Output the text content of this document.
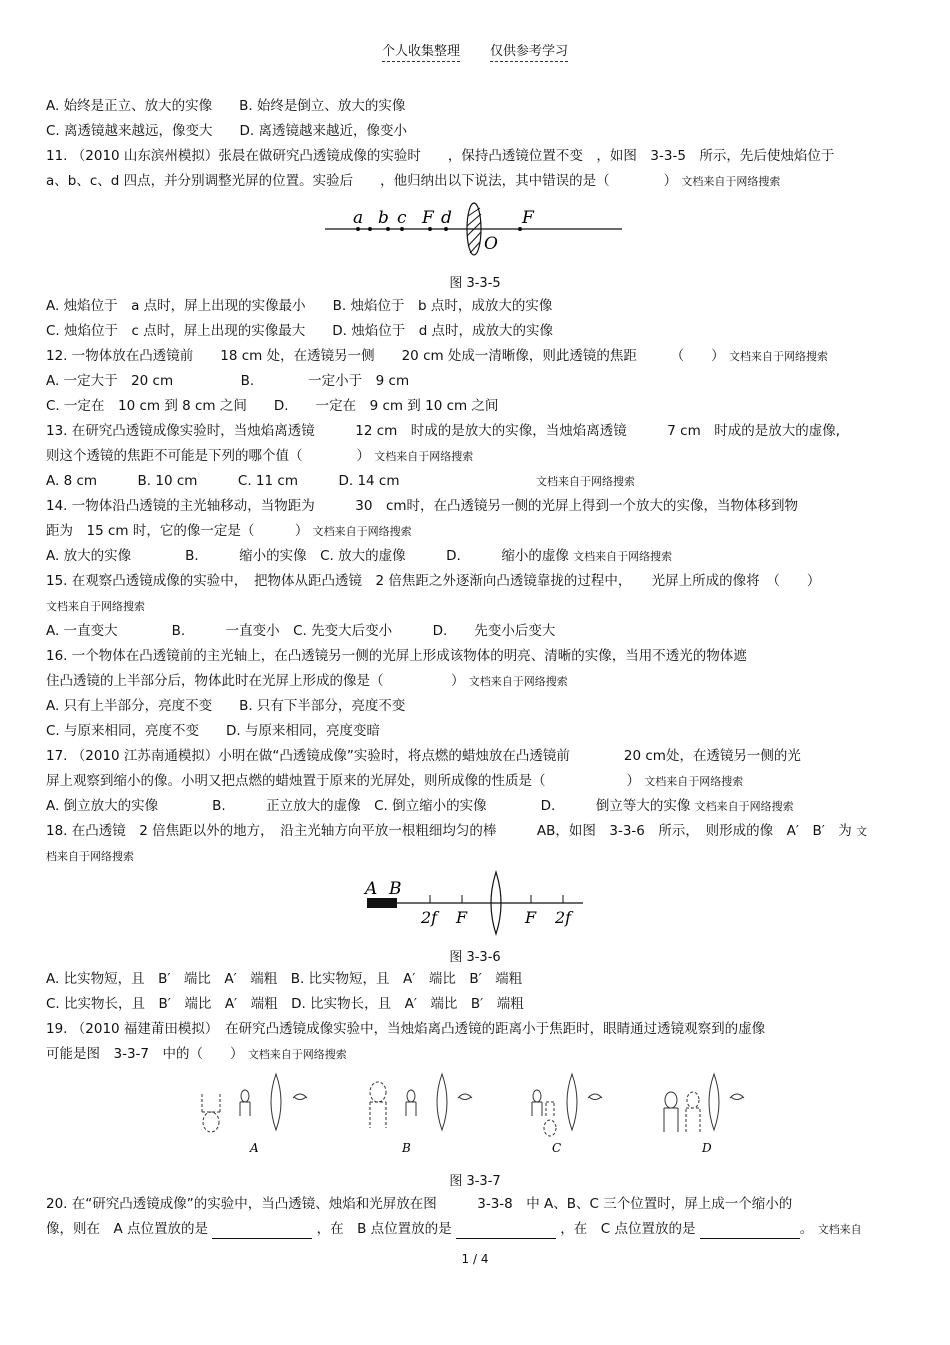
个人收集整理 仅供参考学习
A. 始终是正立、放大的实像　　B. 始终是倒立、放大的实像
C. 离透镜越来越远，像变大　　D. 离透镜越来越近，像变小
11. （2010 山东滨州模拟）张晨在做研究凸透镜成像的实验时　　，保持凸透镜位置不变　，如图　3-3-5　所示，先后使烛焰位于
a、b、c、d 四点，并分别调整光屏的位置。实验后　　，他归纳出以下说法，其中错误的是（　　　　） 文档来自于网络搜索
a b c F d	F
O
图 3-3-5
A. 烛焰位于　a 点时，屏上出现的实像最小　　B. 烛焰位于　b 点时，成放大的实像
C. 烛焰位于　c 点时，屏上出现的实像最大　　D. 烛焰位于　d 点时，成放大的实像
12. 一物体放在凸透镜前　　18 cm 处，在透镜另一侧　　20 cm 处成一清晰像，则此透镜的焦距　　　（　　） 文档来自于网络搜索
A. 一定大于　20 cm　　　　　B.　　　　一定小于　9 cm
C. 一定在　10 cm 到 8 cm 之间　　D.　　一定在　9 cm 到 10 cm 之间
13. 在研究凸透镜成像实验时，当烛焰离透镜　　　12 cm　时成的是放大的实像，当烛焰离透镜　　　7 cm　时成的是放大的虚像,
则这个透镜的焦距不可能是下列的哪个值（　　　　） 文档来自于网络搜索
A. 8 cm　　　B. 10 cm　　　C. 11 cm　　　D. 14 cm	文档来自于网络搜索
14. 一物体沿凸透镜的主光轴移动，当物距为　　　30　cm时，在凸透镜另一侧的光屏上得到一个放大的实像，当物体移到物
距为　15 cm 时，它的像一定是（　　　） 文档来自于网络搜索
A. 放大的实像　　　　B.　　　缩小的实像　C. 放大的虚像　　　D.　　　缩小的虚像 文档来自于网络搜索
15. 在观察凸透镜成像的实验中，　把物体从距凸透镜　2 倍焦距之外逐渐向凸透镜靠拢的过程中，　　光屏上所成的像将　（　　）
文档来自于网络搜索
A. 一直变大　　　　B.　　　一直变小　C. 先变大后变小　　　D.　　先变小后变大
16. 一个物体在凸透镜前的主光轴上，在凸透镜另一侧的光屏上形成该物体的明亮、清晰的实像，当用不透光的物体遮
住凸透镜的上半部分后，物体此时在光屏上形成的像是（　　　　　） 文档来自于网络搜索
A. 只有上半部分，亮度不变　　B. 只有下半部分，亮度不变
C. 与原来相同，亮度不变　　D. 与原来相同，亮度变暗
17. （2010 江苏南通模拟）小明在做“凸透镜成像”实验时，将点燃的蜡烛放在凸透镜前　　　　20 cm处，在透镜另一侧的光
屏上观察到缩小的像。小明又把点燃的蜡烛置于原来的光屏处，则所成像的性质是（　　　　　　） 文档来自于网络搜索
A. 倒立放大的实像　　　　B.　　　正立放大的虚像　C. 倒立缩小的实像　　　　D.　　　倒立等大的实像 文档来自于网络搜索
18. 在凸透镜　2 倍焦距以外的地方，　沿主光轴方向平放一根粗细均匀的棒　　　AB，如图　3-3-6　所示，　则形成的像　A′　B′　为 文
档来自于网络搜索
A B
2f F	F 2f
图 3-3-6
A. 比实物短，且　B′　端比　A′　端粗　B. 比实物短，且　A′　端比　B′　端粗
C. 比实物长，且　B′　端比　A′　端粗　D. 比实物长，且　A′　端比　B′　端粗
19. （2010 福建莆田模拟）　在研究凸透镜成像实验中，当烛焰离凸透镜的距离小于焦距时，眼睛通过透镜观察到的虚像
可能是图　3-3-7　中的（　　） 文档来自于网络搜索
A	B	C	D
图 3-3-7
20. 在“研究凸透镜成像”的实验中，当凸透镜、烛焰和光屏放在图　　　3-3-8　中 A、B、C 三个位置时，屏上成一个缩小的
像，则在　A 点位置放的是	，在　B 点位置放的是	，在　C 点位置放的是	。 文档来自
1 / 4
